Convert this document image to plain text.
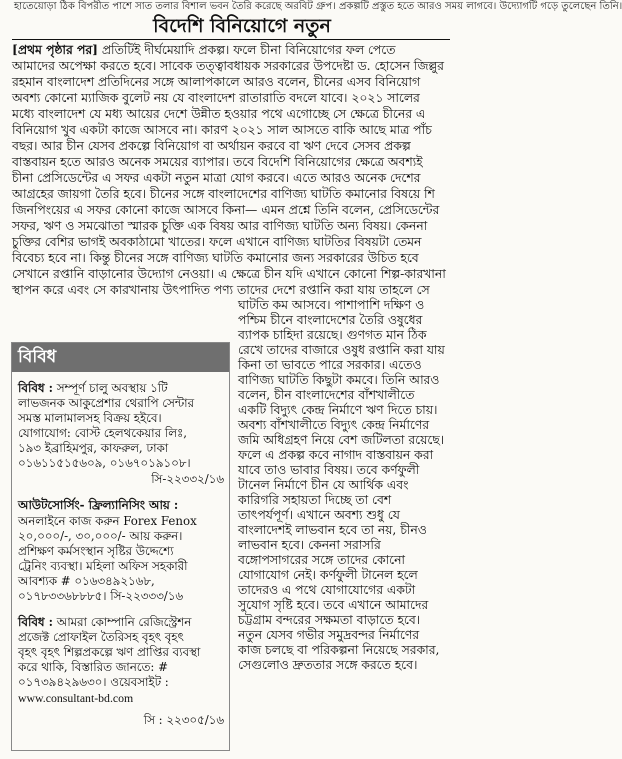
হাতেয়োড়া ঠিক বিপরীত পাশে সাত তলার বিশাল ভবন তৈরি করেছে অরবিট গ্রুপ। প্রকল্পটি প্রস্তুত হতে আরও সময় লাগবে। উদ্যোগটি গড়ে তুলেছেন তিনি।
বিদেশি বিনিয়োগে নতুন
[প্রথম পৃষ্ঠার পর] প্রতিটিই দীর্ঘমেয়াদি প্রকল্প। ফলে চীনা বিনিয়োগের ফল পেতে
আমাদের অপেক্ষা করতে হবে। সাবেক তত্ত্বাবধায়ক সরকারের উপদেষ্টা ড. হোসেন জিল্লুর
রহমান বাংলাদেশ প্রতিদিনের সঙ্গে আলাপকালে আরও বলেন, চীনের এসব বিনিয়োগ
অবশ্য কোনো ম্যাজিক বুলেট নয় যে বাংলাদেশ রাতারাতি বদলে যাবে। ২০২১ সালের
মধ্যে বাংলাদেশ যে মধ্য আয়ের দেশে উন্নীত হওয়ার পথে এগোচ্ছে সে ক্ষেত্রে চীনের এ
বিনিয়োগ খুব একটা কাজে আসবে না। কারণ ২০২১ সাল আসতে বাকি আছে মাত্র পাঁচ
বছর। আর চীন যেসব প্রকল্পে বিনিয়োগ বা অর্থায়ন করবে বা ঋণ দেবে সেসব প্রকল্প
বাস্তবায়ন হতে আরও অনেক সময়ের ব্যাপার। তবে বিদেশি বিনিয়োগের ক্ষেত্রে অবশ্যই
চীনা প্রেসিডেন্টের এ সফর একটা নতুন মাত্রা যোগ করবে। এতে আরও অনেক দেশের
আগ্রহের জায়গা তৈরি হবে। চীনের সঙ্গে বাংলাদেশের বাণিজ্য ঘাটতি কমানোর বিষয়ে শি
জিনপিংয়ের এ সফর কোনো কাজে আসবে কিনা— এমন প্রশ্নে তিনি বলেন, প্রেসিডেন্টের
সফর, ঋণ ও সমঝোতা স্মারক চুক্তি এক বিষয় আর বাণিজ্য ঘাটতি অন্য বিষয়। কেননা
চুক্তির বেশির ভাগই অবকাঠামো খাতের। ফলে এখানে বাণিজ্য ঘাটতির বিষয়টা তেমন
বিবেচ্য হবে না। কিন্তু চীনের সঙ্গে বাণিজ্য ঘাটতি কমানোর জন্য সরকারের উচিত হবে
সেখানে রপ্তানি বাড়ানোর উদ্যোগ নেওয়া। এ ক্ষেত্রে চীন যদি এখানে কোনো শিল্প-কারখানা
স্থাপন করে এবং সে কারখানায় উৎপাদিত পণ্য তাদের দেশে রপ্তানি করা যায় তাহলে সে
ঘাটতি কম আসবে। পাশাপাশি দক্ষিণ ও
পশ্চিম চীনে বাংলাদেশের তৈরি ওষুধের
ব্যাপক চাহিদা রয়েছে। গুণগত মান ঠিক
রেখে তাদের বাজারে ওষুধ রপ্তানি করা যায়
কিনা তা ভাবতে পারে সরকার। এতেও
বাণিজ্য ঘাটতি কিছুটা কমবে। তিনি আরও
বলেন, চীন বাংলাদেশের বাঁশখালীতে
একটি বিদ্যুৎ কেন্দ্র নির্মাণে ঋণ দিতে চায়।
অবশ্য বাঁশখালীতে বিদ্যুৎ কেন্দ্র নির্মাণের
জমি অধিগ্রহণ নিয়ে বেশ জটিলতা রয়েছে।
ফলে এ প্রকল্প কবে নাগাদ বাস্তবায়ন করা
যাবে তাও ভাবার বিষয়। তবে কর্ণফুলী
টানেল নির্মাণে চীন যে আর্থিক এবং
কারিগরি সহায়তা দিচ্ছে তা বেশ
তাৎপর্যপূর্ণ। এখানে অবশ্য শুধু যে
বাংলাদেশই লাভবান হবে তা নয়, চীনও
লাভবান হবে। কেননা সরাসরি
বঙ্গোপসাগরের সঙ্গে তাদের কোনো
যোগাযোগ নেই। কর্ণফুলী টানেল হলে
তাদেরও এ পথে যোগাযোগের একটা
সুযোগ সৃষ্টি হবে। তবে এখানে আমাদের
চট্টগ্রাম বন্দরের সক্ষমতা বাড়াতে হবে।
নতুন যেসব গভীর সমুদ্রবন্দর নির্মাণের
কাজ চলছে বা পরিকল্পনা নিয়েছে সরকার,
সেগুলোও দ্রুততার সঙ্গে করতে হবে।
বিবিধ
বিবিধ : সম্পূর্ণ চালু অবস্থায় ১টি
লাভজনক আকুপ্রেশার থেরাপি সেন্টার
সমস্ত মালামালসহ বিক্রয় হইবে।
যোগাযোগ: বোস্ট হেলথকেয়ার লিঃ,
১৯৩ ইব্রাহিমপুর, কাফরুল, ঢাকা
০১৬১১৫১৫৬০৯, ০১৬৭০১৯১০৮।
সি-২২৩৩২/১৬
আউটসোর্সিং- ফ্রিল্যানিসিং আয় :
অনলাইনে কাজ করুন Forex Fenox
২০,০০০/-, ৩০,০০০/- আয় করুন।
প্রশিক্ষণ কর্মসংস্থান সৃষ্টির উদ্দেশ্যে
ট্রেনিং ব্যবস্থা। মহিলা অফিস সহকারী
আবশ্যক # ০১৬৩৪৯২১৬৮,
০১৭৮৩৩৬৮৮৮৫। সি-২২৩৩৩/১৬
বিবিধ : আমরা কোম্পানি রেজিস্ট্রেশন
প্রজেক্ট প্রোফাইল তৈরিসহ বৃহৎ বৃহৎ
বৃহৎ বৃহৎ শিল্পপ্রকল্পে ঋণ প্রাপ্তির ব্যবস্থা
করে থাকি, বিস্তারিত জানতে: #
০১৭৩৯৪২৯৬৩০। ওয়েবসাইট :
www.consultant-bd.com
সি : ২২৩০৫/১৬
